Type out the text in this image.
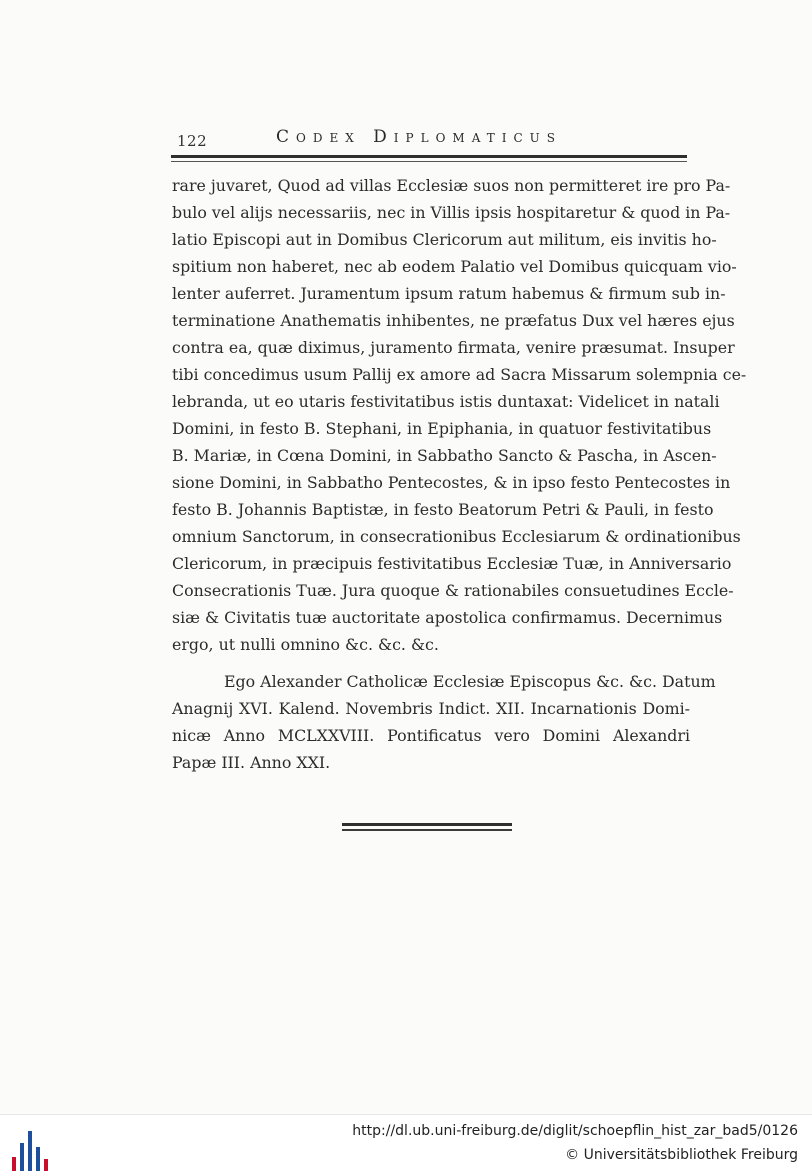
122	Codex Diplomaticus
rare juvaret, Quod ad villas Ecclesiæ suos non permitteret ire pro Pa-
bulo vel alijs necessariis, nec in Villis ipsis hospitaretur & quod in Pa-
latio Episcopi aut in Domibus Clericorum aut militum, eis invitis ho-
spitium non haberet, nec ab eodem Palatio vel Domibus quicquam vio-
lenter auferret. Juramentum ipsum ratum habemus & firmum sub in-
terminatione Anathematis inhibentes, ne præfatus Dux vel hæres ejus
contra ea, quæ diximus, juramento firmata, venire præsumat. Insuper
tibi concedimus usum Pallij ex amore ad Sacra Missarum solempnia ce-
lebranda, ut eo utaris festivitatibus istis duntaxat: Videlicet in natali
Domini, in festo B. Stephani, in Epiphania, in quatuor festivitatibus
B. Mariæ, in Cœna Domini, in Sabbatho Sancto & Pascha, in Ascen-
sione Domini, in Sabbatho Pentecostes, & in ipso festo Pentecostes in
festo B. Johannis Baptistæ, in festo Beatorum Petri & Pauli, in festo
omnium Sanctorum, in consecrationibus Ecclesiarum & ordinationibus
Clericorum, in præcipuis festivitatibus Ecclesiæ Tuæ, in Anniversario
Consecrationis Tuæ. Jura quoque & rationabiles consuetudines Eccle-
siæ & Civitatis tuæ auctoritate apostolica confirmamus. Decernimus
ergo, ut nulli omnino &c. &c. &c.
Ego Alexander Catholicæ Ecclesiæ Episcopus &c. &c. Datum
Anagnij XVI. Kalend. Novembris Indict. XII. Incarnationis Domi-
nicæ Anno MCLXXVIII. Pontificatus vero Domini Alexandri
Papæ III. Anno XXI.
http://dl.ub.uni-freiburg.de/diglit/schoepflin_hist_zar_bad5/0126
© Universitätsbibliothek Freiburg
